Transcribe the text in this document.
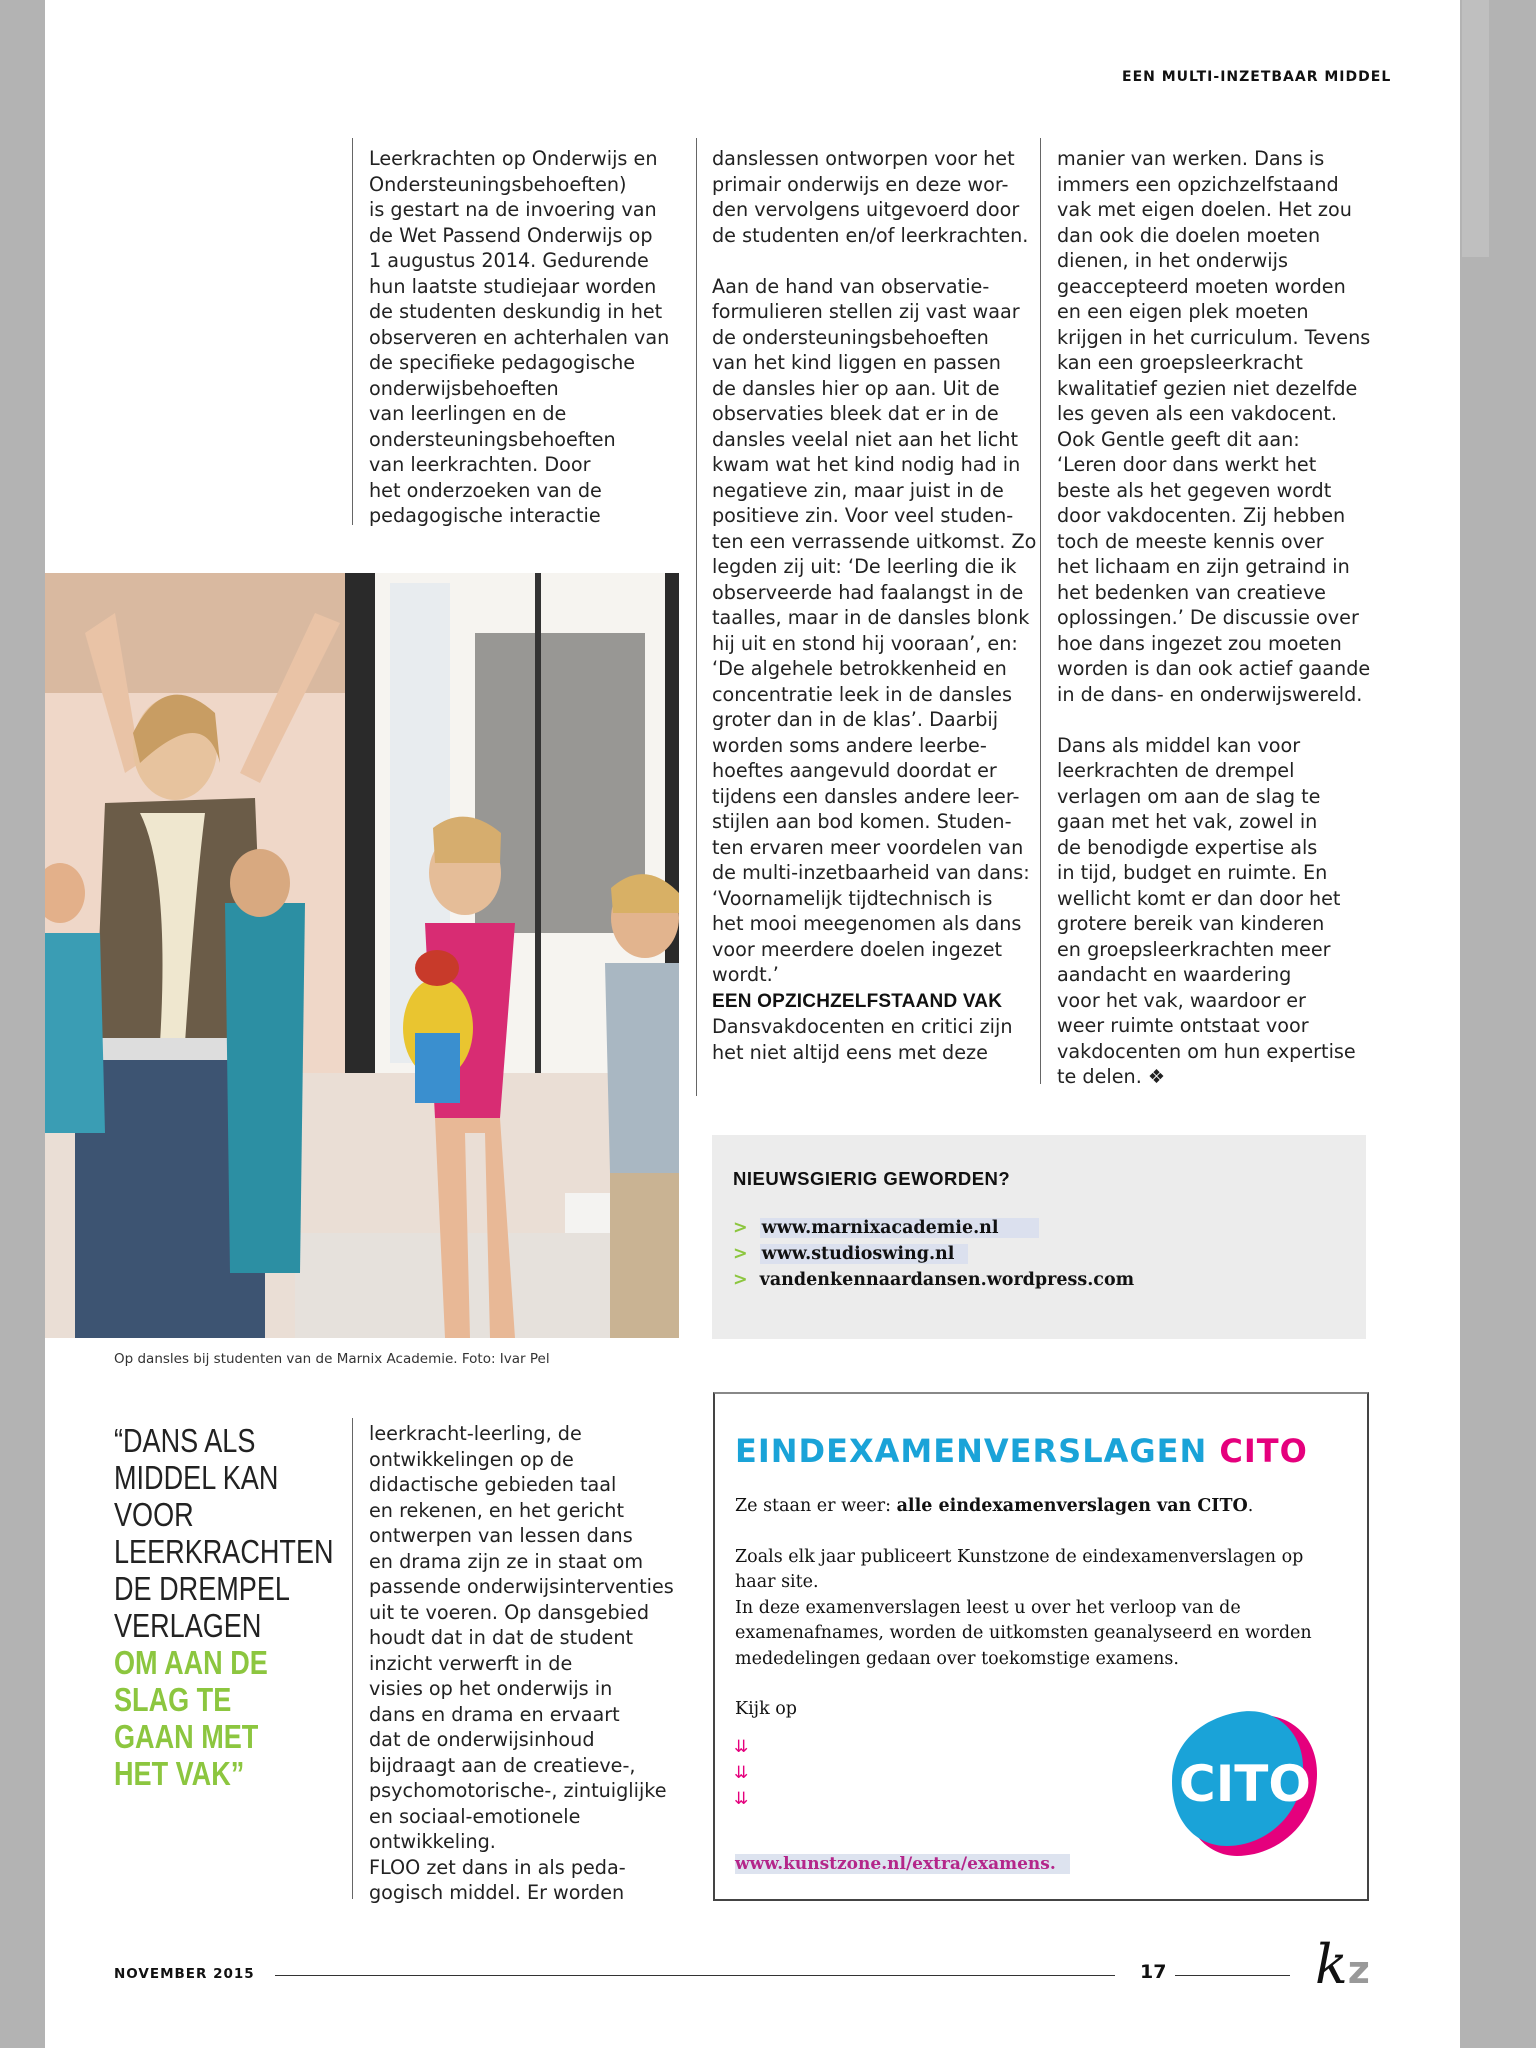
EEN MULTI-INZETBAAR MIDDEL
Leerkrachten op Onderwijs en
Ondersteuningsbehoeften)
is gestart na de invoering van
de Wet Passend Onderwijs op
1 augustus 2014. Gedurende
hun laatste studiejaar worden
de studenten deskundig in het
observeren en achterhalen van
de specifieke pedagogische
onderwijsbehoeften
van leerlingen en de
ondersteuningsbehoeften
van leerkrachten. Door
het onderzoeken van de
pedagogische interactie
danslessen ontworpen voor het
primair onderwijs en deze wor-
den vervolgens uitgevoerd door
de studenten en/of leerkrachten.

Aan de hand van observatie-
formulieren stellen zij vast waar
de ondersteuningsbehoeften
van het kind liggen en passen
de dansles hier op aan. Uit de
observaties bleek dat er in de
dansles veelal niet aan het licht
kwam wat het kind nodig had in
negatieve zin, maar juist in de
positieve zin. Voor veel studen-
ten een verrassende uitkomst. Zo
legden zij uit: ‘De leerling die ik
observeerde had faalangst in de
taalles, maar in de dansles blonk
hij uit en stond hij vooraan’, en:
‘De algehele betrokkenheid en
concentratie leek in de dansles
groter dan in de klas’. Daarbij
worden soms andere leerbe-
hoeftes aangevuld doordat er
tijdens een dansles andere leer-
stijlen aan bod komen. Studen-
ten ervaren meer voordelen van
de multi-inzetbaarheid van dans:
‘Voornamelijk tijdtechnisch is
het mooi meegenomen als dans
voor meerdere doelen ingezet
wordt.’
EEN OPZICHZELFSTAAND VAK
Dansvakdocenten en critici zijn
het niet altijd eens met deze
manier van werken. Dans is
immers een opzichzelfstaand
vak met eigen doelen. Het zou
dan ook die doelen moeten
dienen, in het onderwijs
geaccepteerd moeten worden
en een eigen plek moeten
krijgen in het curriculum. Tevens
kan een groepsleerkracht
kwalitatief gezien niet dezelfde
les geven als een vakdocent.
Ook Gentle geeft dit aan:
‘Leren door dans werkt het
beste als het gegeven wordt
door vakdocenten. Zij hebben
toch de meeste kennis over
het lichaam en zijn getraind in
het bedenken van creatieve
oplossingen.’ De discussie over
hoe dans ingezet zou moeten
worden is dan ook actief gaande
in de dans- en onderwijswereld.

Dans als middel kan voor
leerkrachten de drempel
verlagen om aan de slag te
gaan met het vak, zowel in
de benodigde expertise als
in tijd, budget en ruimte. En
wellicht komt er dan door het
grotere bereik van kinderen
en groepsleerkrachten meer
aandacht en waardering
voor het vak, waardoor er
weer ruimte ontstaat voor
vakdocenten om hun expertise
te delen. ❖
Op dansles bij studenten van de Marnix Academie. Foto: Ivar Pel
“DANS ALS MIDDEL KAN VOOR LEERKRACHTEN DE DREMPEL VERLAGEN OM AAN DE SLAG TE GAAN MET HET VAK”
leerkracht-leerling, de
ontwikkelingen op de
didactische gebieden taal
en rekenen, en het gericht
ontwerpen van lessen dans
en drama zijn ze in staat om
passende onderwijsinterventies
uit te voeren. Op dansgebied
houdt dat in dat de student
inzicht verwerft in de
visies op het onderwijs in
dans en drama en ervaart
dat de onderwijsinhoud
bijdraagt aan de creatieve-,
psychomotorische-, zintuiglijke
en sociaal-emotionele
ontwikkeling.
FLOO zet dans in als peda-
gogisch middel. Er worden
NIEUWSGIERIG GEWORDEN?
> www.marnixacademie.nl
> www.studioswing.nl
> vandenkennaardansen.wordpress.com
EINDEXAMENVERSLAGEN CITO
Ze staan er weer: alle eindexamenverslagen van CITO.
Zoals elk jaar publiceert Kunstzone de eindexamenverslagen op haar site.
In deze examenverslagen leest u over het verloop van de examenafnames, worden de uitkomsten geanalyseerd en worden mededelingen gedaan over toekomstige examens.
Kijk op
⇊
⇊
⇊
www.kunstzone.nl/extra/examens.
CITO
NOVEMBER 2015	17	kz
